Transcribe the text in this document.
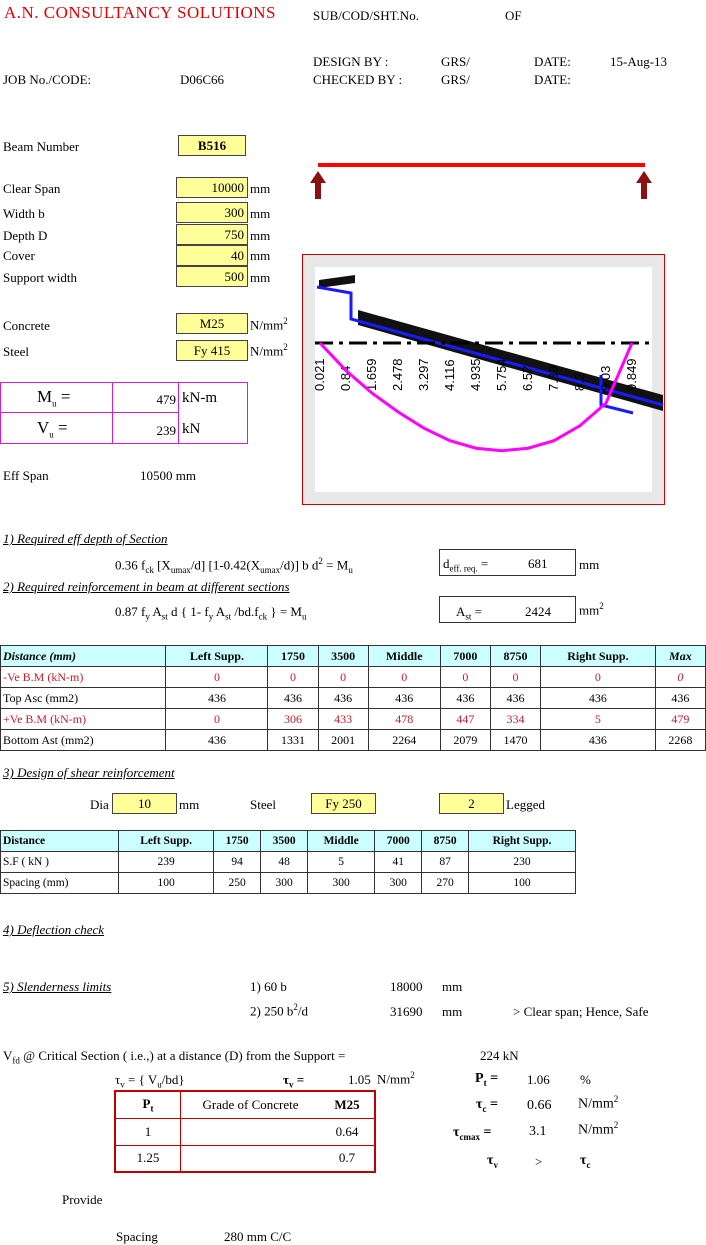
A.N. CONSULTANCY SOLUTIONS	SUB/COD/SHT.No.	OF
DESIGN BY :	GRS/	DATE:	15-Aug-13
JOB No./CODE:	D06C66	CHECKED BY :	GRS/	DATE:
Beam Number	B516
Clear Span	10000 mm
Width b	300 mm
Depth D	750 mm
Cover	40 mm
Support width	500 mm
Concrete	M25	$N/mm^2$
Steel	Fy 415	$N/mm^2$
$M_u$ =	479 kN-m
$V_u$ =	239 kN
Eff Span	10500 mm
0.021 0.84 1.659 2.478 3.297 4.116 4.935 5.754 6.57 7.39 8.2 9.03 9.849
1) Required eff depth of Section
0.36 $f_{ck}$ $[X_{umax}/d]$ $[1-0.42(X_{umax}/d)]$ b $d^2 = M_u$	$d_{eff. req.}$ =	681 mm
2) Required reinforcement in beam at different sections
0.87 $f_y$ $A_{st}$ d { 1- $f_y$ $A_{st}$ $/bd.f_{ck}$ } = $M_u$	$A_{st}$ =	2424 $mm^2$
Distance (mm)	Left Supp.	1750	3500	Middle	7000	8750	Right Supp.	Max
-Ve B.M (kN-m)	0	0	0	0	0	0	0	0
Top Asc (mm2)	436	436	436	436	436	436	436	436
+Ve B.M (kN-m)	0	306	433	478	447	334	5	479
Bottom Ast (mm2)	436	1331	2001	2264	2079	1470	436	2268
3) Design of shear reinforcement
Dia	10	mm	Steel	Fy 250	2	Legged
Distance	Left Supp.	1750	3500	Middle	7000	8750	Right Supp.
S.F ( kN )	239	94	48	5	41	87	230
Spacing (mm)	100	250	300	300	300	270	100
4) Deflection check
5) Slenderness limits	1) 60 b	18000 mm
2) 250 $b^2/d$	31690 mm	> Clear span; Hence, Safe
$V_{fd}$ @ Critical Section ( i.e.,) at a distance (D) from the Support =	224 kN
$\tau_v$ = { $V_u/bd$}	$\tau_v$ =	1.05 $N/mm^2$	$P_t = 1.06$ %
$\tau_c = 0.66$ $N/mm^2$
$\tau_{cmax}$ =	3.1 $N/mm^2$
$\tau_v$	>	$\tau_c$
$P_t$	Grade of Concrete	M25
1		0.64
1.25		0.7
Provide
Spacing	280 mm C/C
